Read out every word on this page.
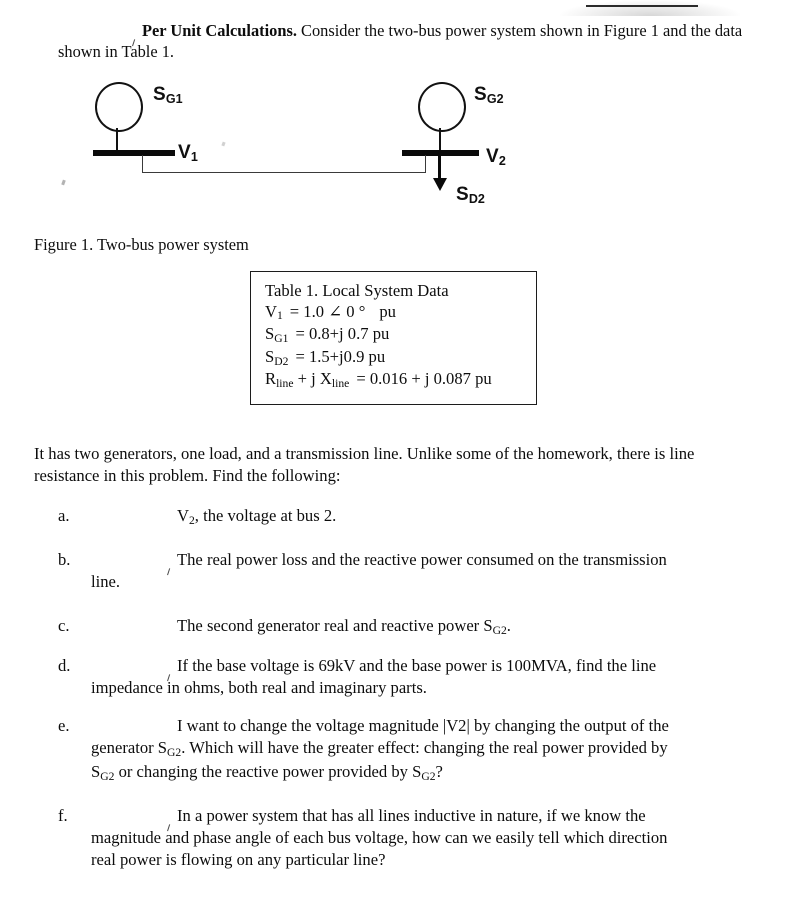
Per Unit Calculations. Consider the two-bus power system shown in Figure 1 and the data shown in Table 1.
$S_{G1}$
$V_1$
$S_{G2}$
$V_2$
$S_{D2}$
Figure 1. Two-bus power system
Table 1. Local System Data
$V_1 = 1.0$ ∠ 0 ° pu
$S_{G1} = 0.8+j$ 0.7 pu
$S_{D2} = 1.5+j0.9$ pu
$R_{line} + j$ $X_{line} = 0.016 + j$ 0.087 pu
It has two generators, one load, and a transmission line. Unlike some of the homework, there is line resistance in this problem. Find the following:
a.	$V_2$, the voltage at bus 2.
b.	The real power loss and the reactive power consumed on the transmission
line.
c.	The second generator real and reactive power $S_{G2}$.
d.	If the base voltage is 69kV and the base power is 100MVA, find the line
impedance in ohms, both real and imaginary parts.
e.	I want to change the voltage magnitude |V2| by changing the output of the
generator $S_{G2}$. Which will have the greater effect: changing the real power provided by
$S_{G2}$ or changing the reactive power provided by $S_{G2}$?
f.	In a power system that has all lines inductive in nature, if we know the
magnitude and phase angle of each bus voltage, how can we easily tell which direction
real power is flowing on any particular line?
